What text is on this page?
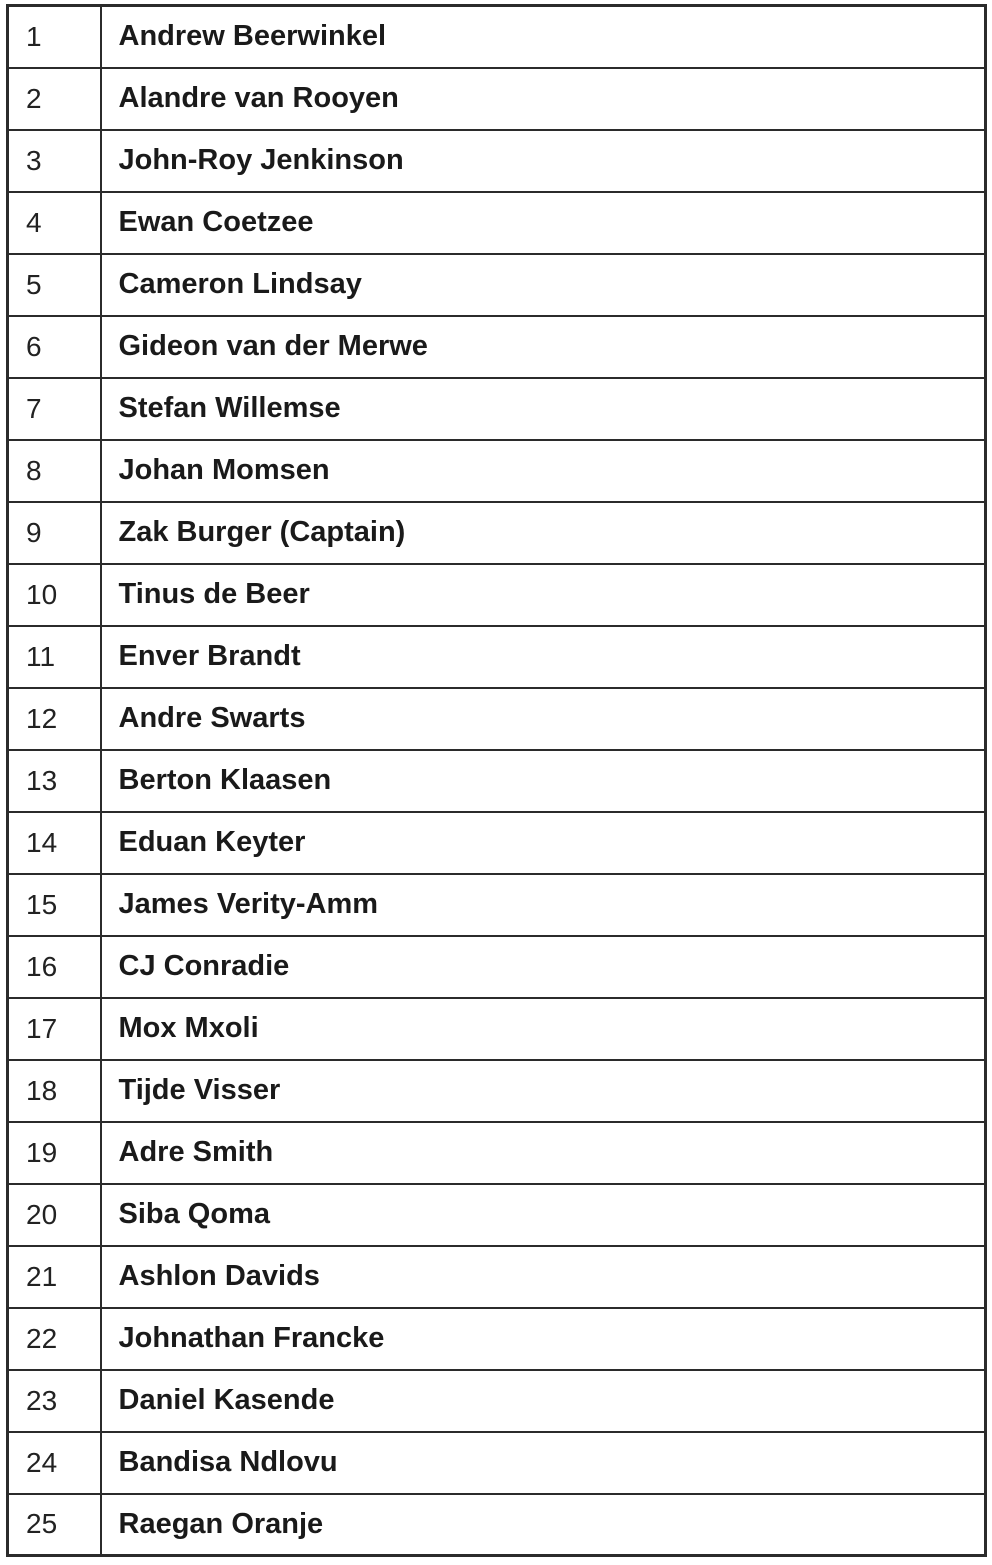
1	Andrew Beerwinkel

2	Alandre van Rooyen

3	John-Roy Jenkinson

4	Ewan Coetzee

5	Cameron Lindsay

6	Gideon van der Merwe

7	Stefan Willemse

8	Johan Momsen

9	Zak Burger (Captain)

10	Tinus de Beer

11	Enver Brandt

12	Andre Swarts

13	Berton Klaasen

14	Eduan Keyter

15	James Verity-Amm

16	CJ Conradie

17	Mox Mxoli

18	Tijde Visser

19	Adre Smith

20	Siba Qoma

21	Ashlon Davids

22	Johnathan Francke

23	Daniel Kasende

24	Bandisa Ndlovu

25	Raegan Oranje
